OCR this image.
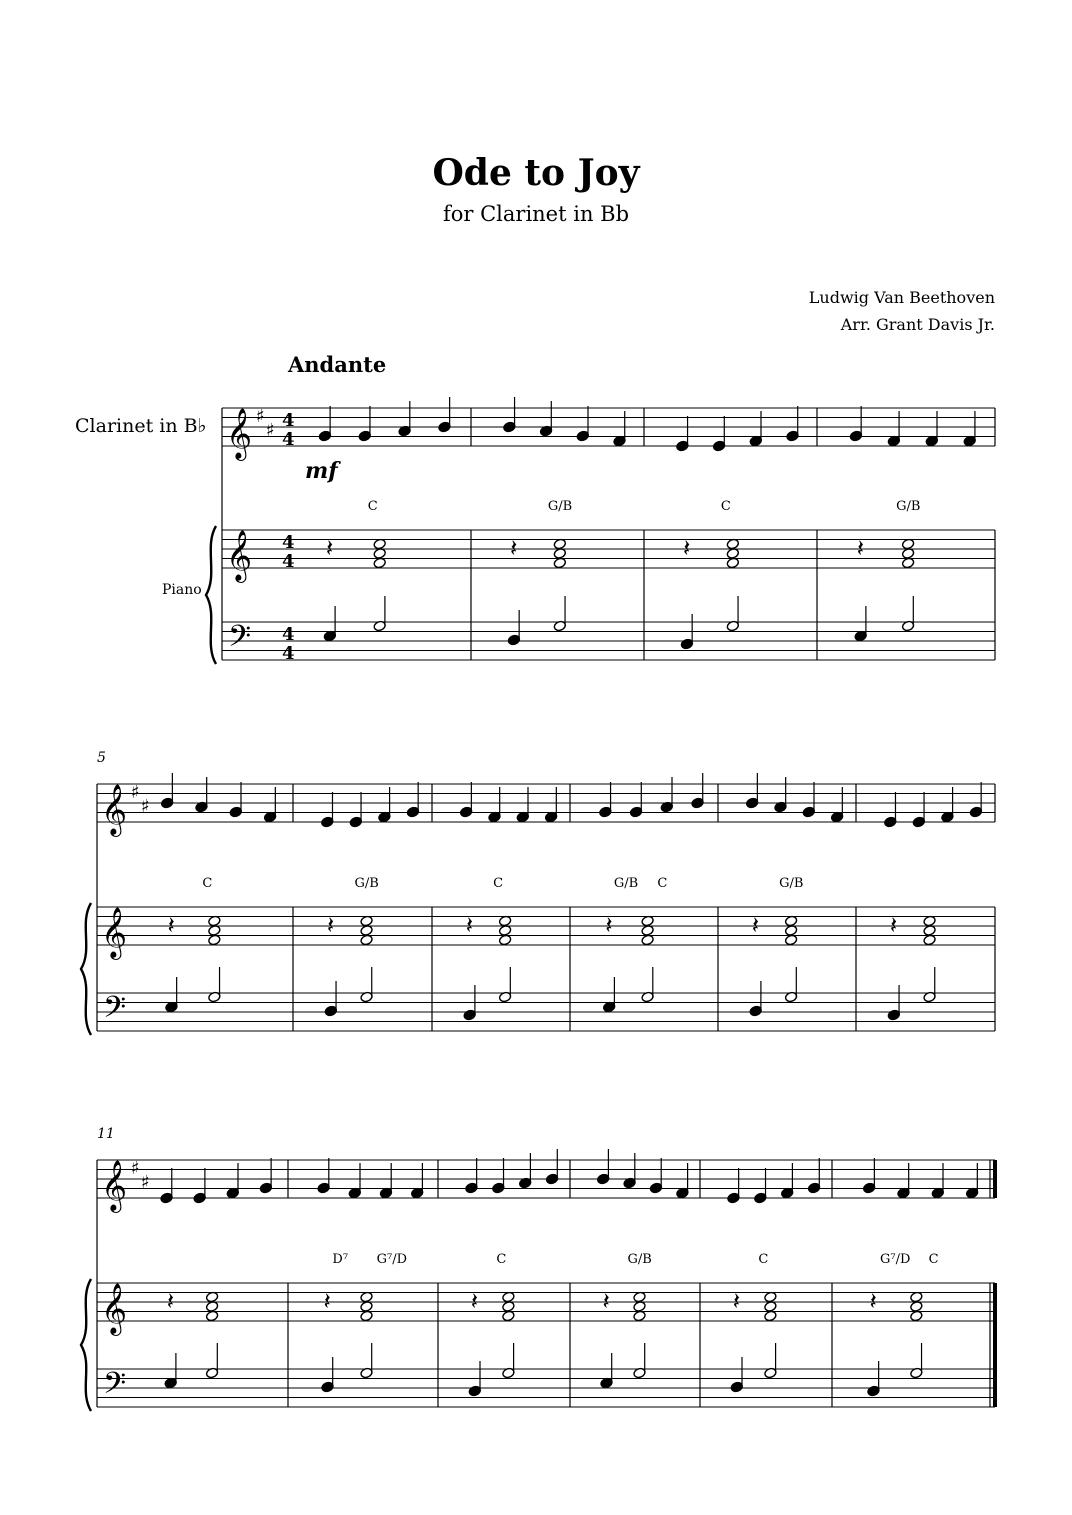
Ode to Joy
for Clarinet in Bb
Ludwig Van Beethoven
Arr. Grant Davis Jr.
Andante
Clarinet in B♭
Piano
𝄞
𝄞
𝄢
♯
♯ 4
4
4
4
4
4
C
𝄽
G/B
𝄽
C
𝄽
G/B
𝄽
𝄞
𝄞
𝄢
♯
♯
5
C
𝄽
G/B
𝄽
C
𝄽
G/B C
𝄽
G/B
𝄽	𝄽
𝄞
𝄞
𝄢
♯
♯
11
𝄽
D⁷ G⁷/D
𝄽
C
𝄽
G/B
𝄽
C
𝄽
G⁷/D C
𝄽
mf
